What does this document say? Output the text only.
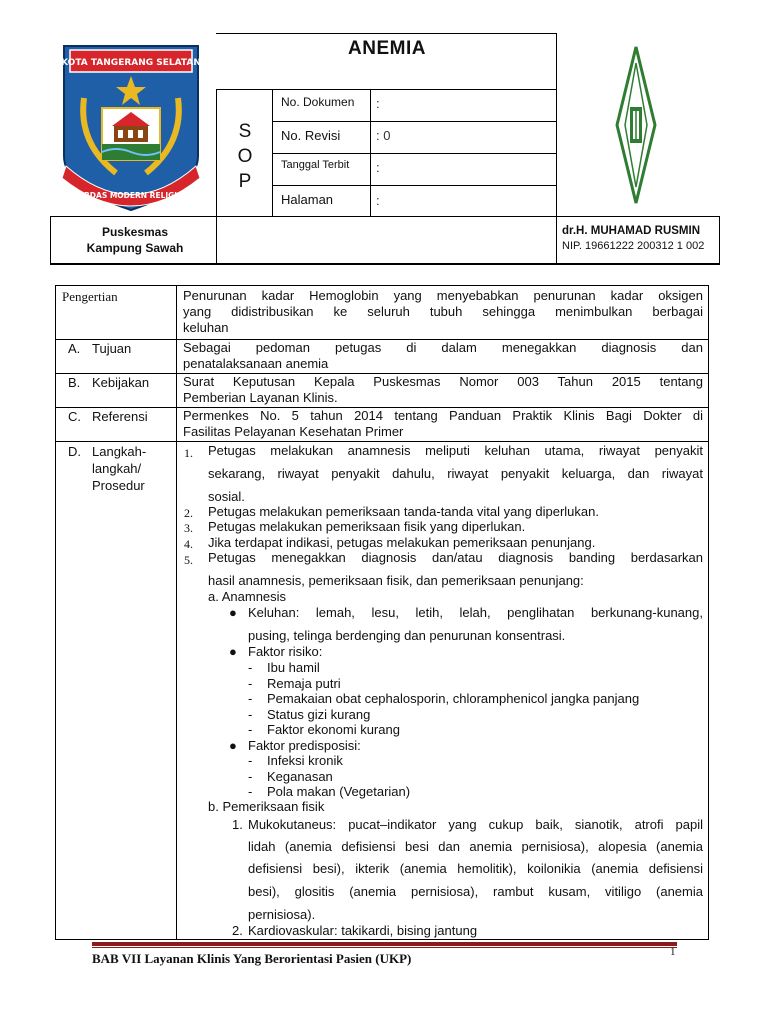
KOTA TANGERANG SELATAN
CERDAS MODERN RELIGIUS
ANEMIA
S
O
P
No. Dokumen :
No. Revisi	: 0
Tanggal Terbit :
Halaman	:
Puskesmas
Kampung Sawah
dr.H. MUHAMAD RUSMIN
NIP. 19661222 200312 1 002
Pengertian	Penurunan kadar Hemoglobin yang menyebabkan penurunan kadar oksigen
yang didistribusikan ke seluruh tubuh sehingga menimbulkan berbagai
keluhan
A. Tujuan	Sebagai pedoman petugas di dalam menegakkan diagnosis dan
penatalaksanaan anemia
B. Kebijakan	Surat Keputusan Kepala Puskesmas Nomor 003 Tahun 2015 tentang
Pemberian Layanan Klinis.
C. Referensi	Permenkes No. 5 tahun 2014 tentang Panduan Praktik Klinis Bagi Dokter di
Fasilitas Pelayanan Kesehatan Primer
D. Langkah-
langkah/
Prosedur
1. Petugas melakukan anamnesis meliputi keluhan utama, riwayat penyakit
sekarang, riwayat penyakit dahulu, riwayat penyakit keluarga, dan riwayat
sosial.
2. Petugas melakukan pemeriksaan tanda-tanda vital yang diperlukan.
3. Petugas melakukan pemeriksaan fisik yang diperlukan.
4. Jika terdapat indikasi, petugas melakukan pemeriksaan penunjang.
5. Petugas menegakkan diagnosis dan/atau diagnosis banding berdasarkan
hasil anamnesis, pemeriksaan fisik, dan pemeriksaan penunjang:
a. Anamnesis
● Keluhan: lemah, lesu, letih, lelah, penglihatan berkunang-kunang,
pusing, telinga berdenging dan penurunan konsentrasi.
● Faktor risiko:
- Ibu hamil
- Remaja putri
- Pemakaian obat cephalosporin, chloramphenicol jangka panjang
- Status gizi kurang
- Faktor ekonomi kurang
● Faktor predisposisi:
- Infeksi kronik
- Keganasan
- Pola makan (Vegetarian)
b. Pemeriksaan fisik
1. Mukokutaneus: pucat–indikator yang cukup baik, sianotik, atrofi papil
lidah (anemia defisiensi besi dan anemia pernisiosa), alopesia (anemia
defisiensi besi), ikterik (anemia hemolitik), koilonikia (anemia defisiensi
besi), glositis (anemia pernisiosa), rambut kusam, vitiligo (anemia
pernisiosa).
2. Kardiovaskular: takikardi, bising jantung
1
BAB VII Layanan Klinis Yang Berorientasi Pasien (UKP)
